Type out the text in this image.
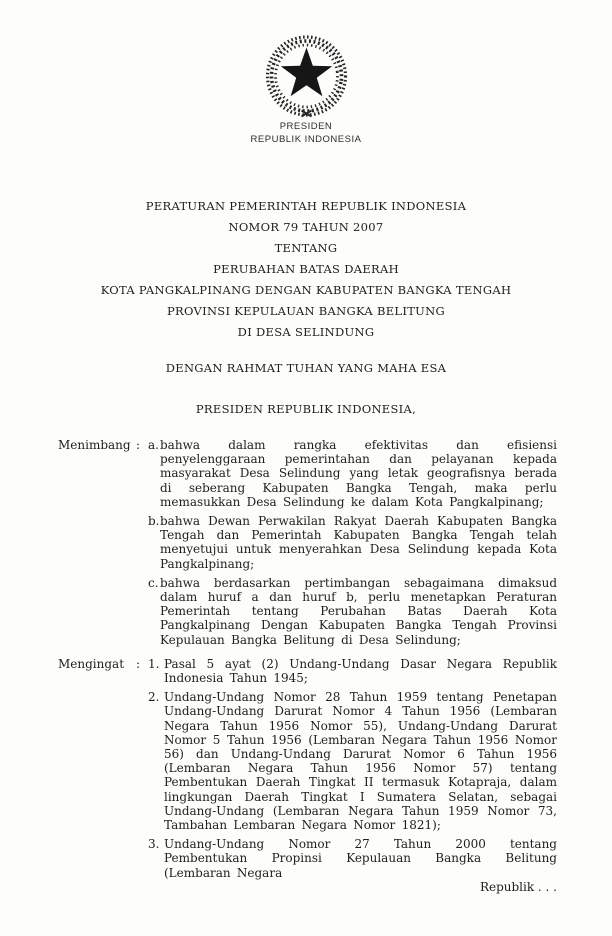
PRESIDEN
REPUBLIK INDONESIA
PERATURAN PEMERINTAH REPUBLIK INDONESIA
NOMOR 79 TAHUN 2007
TENTANG
PERUBAHAN BATAS DAERAH
KOTA PANGKALPINANG DENGAN KABUPATEN BANGKA TENGAH
PROVINSI KEPULAUAN BANGKA BELITUNG
DI DESA SELINDUNG
DENGAN RAHMAT TUHAN YANG MAHA ESA
PRESIDEN REPUBLIK INDONESIA,
Menimbang : a. bahwa dalam rangka efektivitas dan efisiensi penyelenggaraan pemerintahan dan pelayanan kepada masyarakat Desa Selindung yang letak geografisnya berada di seberang Kabupaten Bangka Tengah, maka perlu memasukkan Desa Selindung ke dalam Kota Pangkalpinang;
b. bahwa Dewan Perwakilan Rakyat Daerah Kabupaten Bangka Tengah dan Pemerintah Kabupaten Bangka Tengah telah menyetujui untuk menyerahkan Desa Selindung kepada Kota Pangkalpinang;
c. bahwa berdasarkan pertimbangan sebagaimana dimaksud dalam huruf a dan huruf b, perlu menetapkan Peraturan Pemerintah tentang Perubahan Batas Daerah Kota Pangkalpinang Dengan Kabupaten Bangka Tengah Provinsi Kepulauan Bangka Belitung di Desa Selindung;
Mengingat : 1. Pasal 5 ayat (2) Undang-Undang Dasar Negara Republik Indonesia Tahun 1945;
2. Undang-Undang Nomor 28 Tahun 1959 tentang Penetapan Undang-Undang Darurat Nomor 4 Tahun 1956 (Lembaran Negara Tahun 1956 Nomor 55), Undang-Undang Darurat Nomor 5 Tahun 1956 (Lembaran Negara Tahun 1956 Nomor 56) dan Undang-Undang Darurat Nomor 6 Tahun 1956 (Lembaran Negara Tahun 1956 Nomor 57) tentang Pembentukan Daerah Tingkat II termasuk Kotapraja, dalam lingkungan Daerah Tingkat I Sumatera Selatan, sebagai Undang-Undang (Lembaran Negara Tahun 1959 Nomor 73, Tambahan Lembaran Negara Nomor 1821);
3. Undang-Undang Nomor 27 Tahun 2000 tentang Pembentukan Propinsi Kepulauan Bangka Belitung (Lembaran Negara
Republik . . .
